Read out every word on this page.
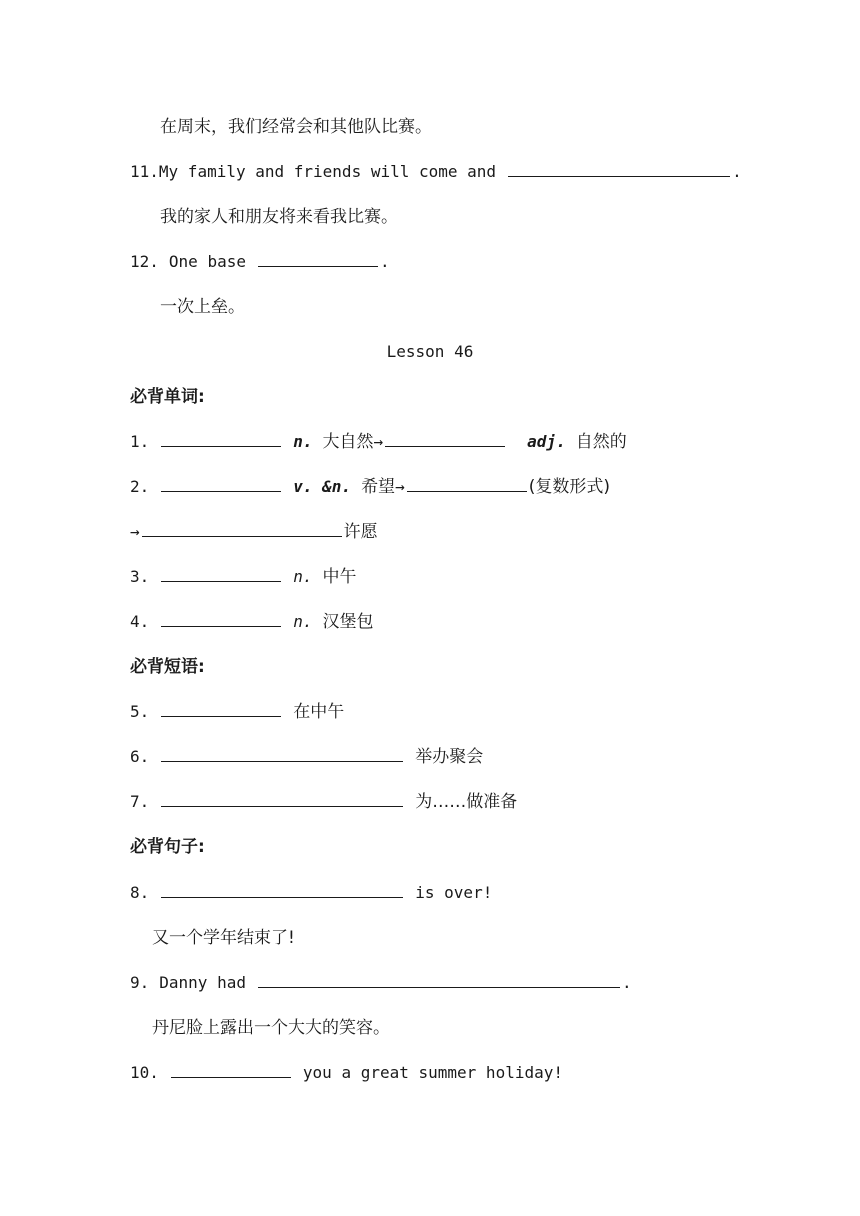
在周末，我们经常会和其他队比赛。
11.My family and friends will come and	.
我的家人和朋友将来看我比赛。
12. One base	.
一次上垒。
Lesson 46
必背单词:
1.	n. 大自然→	adj. 自然的
2.	v. &n. 希望→	(复数形式)
→	许愿
3.	n. 中午
4.	n. 汉堡包
必背短语:
5.	在中午
6.	举办聚会
7.	为……做准备
必背句子:
8.	is over!
又一个学年结束了!
9. Danny had	.
丹尼脸上露出一个大大的笑容。
10.	you a great summer holiday!
